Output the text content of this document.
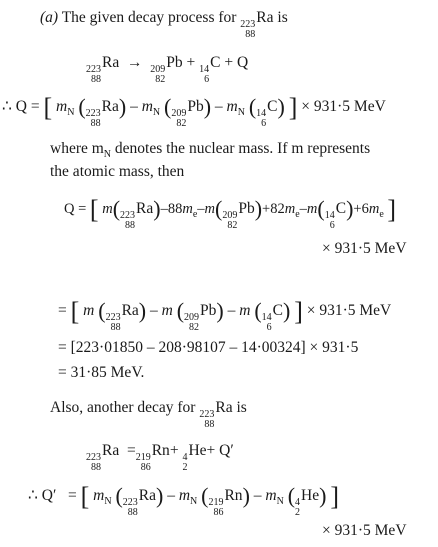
(a) The given decay process for 223
88
Ra is
223
88
Ra  → 209
82
Pb + 14
6
C + Q
∴ Q = [ $m_N$ ( 223
88
$Ra) - m_N$ ( 209
82
$Pb) - m_N$ ( 14
6
C) ] × 931·5 MeV
where $m_N$ denotes the nuclear mass. If m represents
the atomic mass, then
Q = [ m( 223
88
$Ra)-88m_e-m$( 209
82
$Pb)+82m_e-m$( 14
6
$C)+6m_e$ ]
× 931·5 MeV
= [ m ( 223
88
Ra) – m ( 209
82
Pb) – m ( 14
6
C) ] × 931·5 MeV
= [223·01850 – 208·98107 – 14·00324] × 931·5
= 31·85 MeV.
Also, another decay for 223
88
Ra is
223
88
Ra  = 219
86
Rn+ 4
2
He+ Q′
∴ Q′   = [ $m_N$ ( 223
88
$Ra) - m_N$ ( 219
86
$Rn) - m_N$ ( 4
2
He) ]
× 931·5 MeV
